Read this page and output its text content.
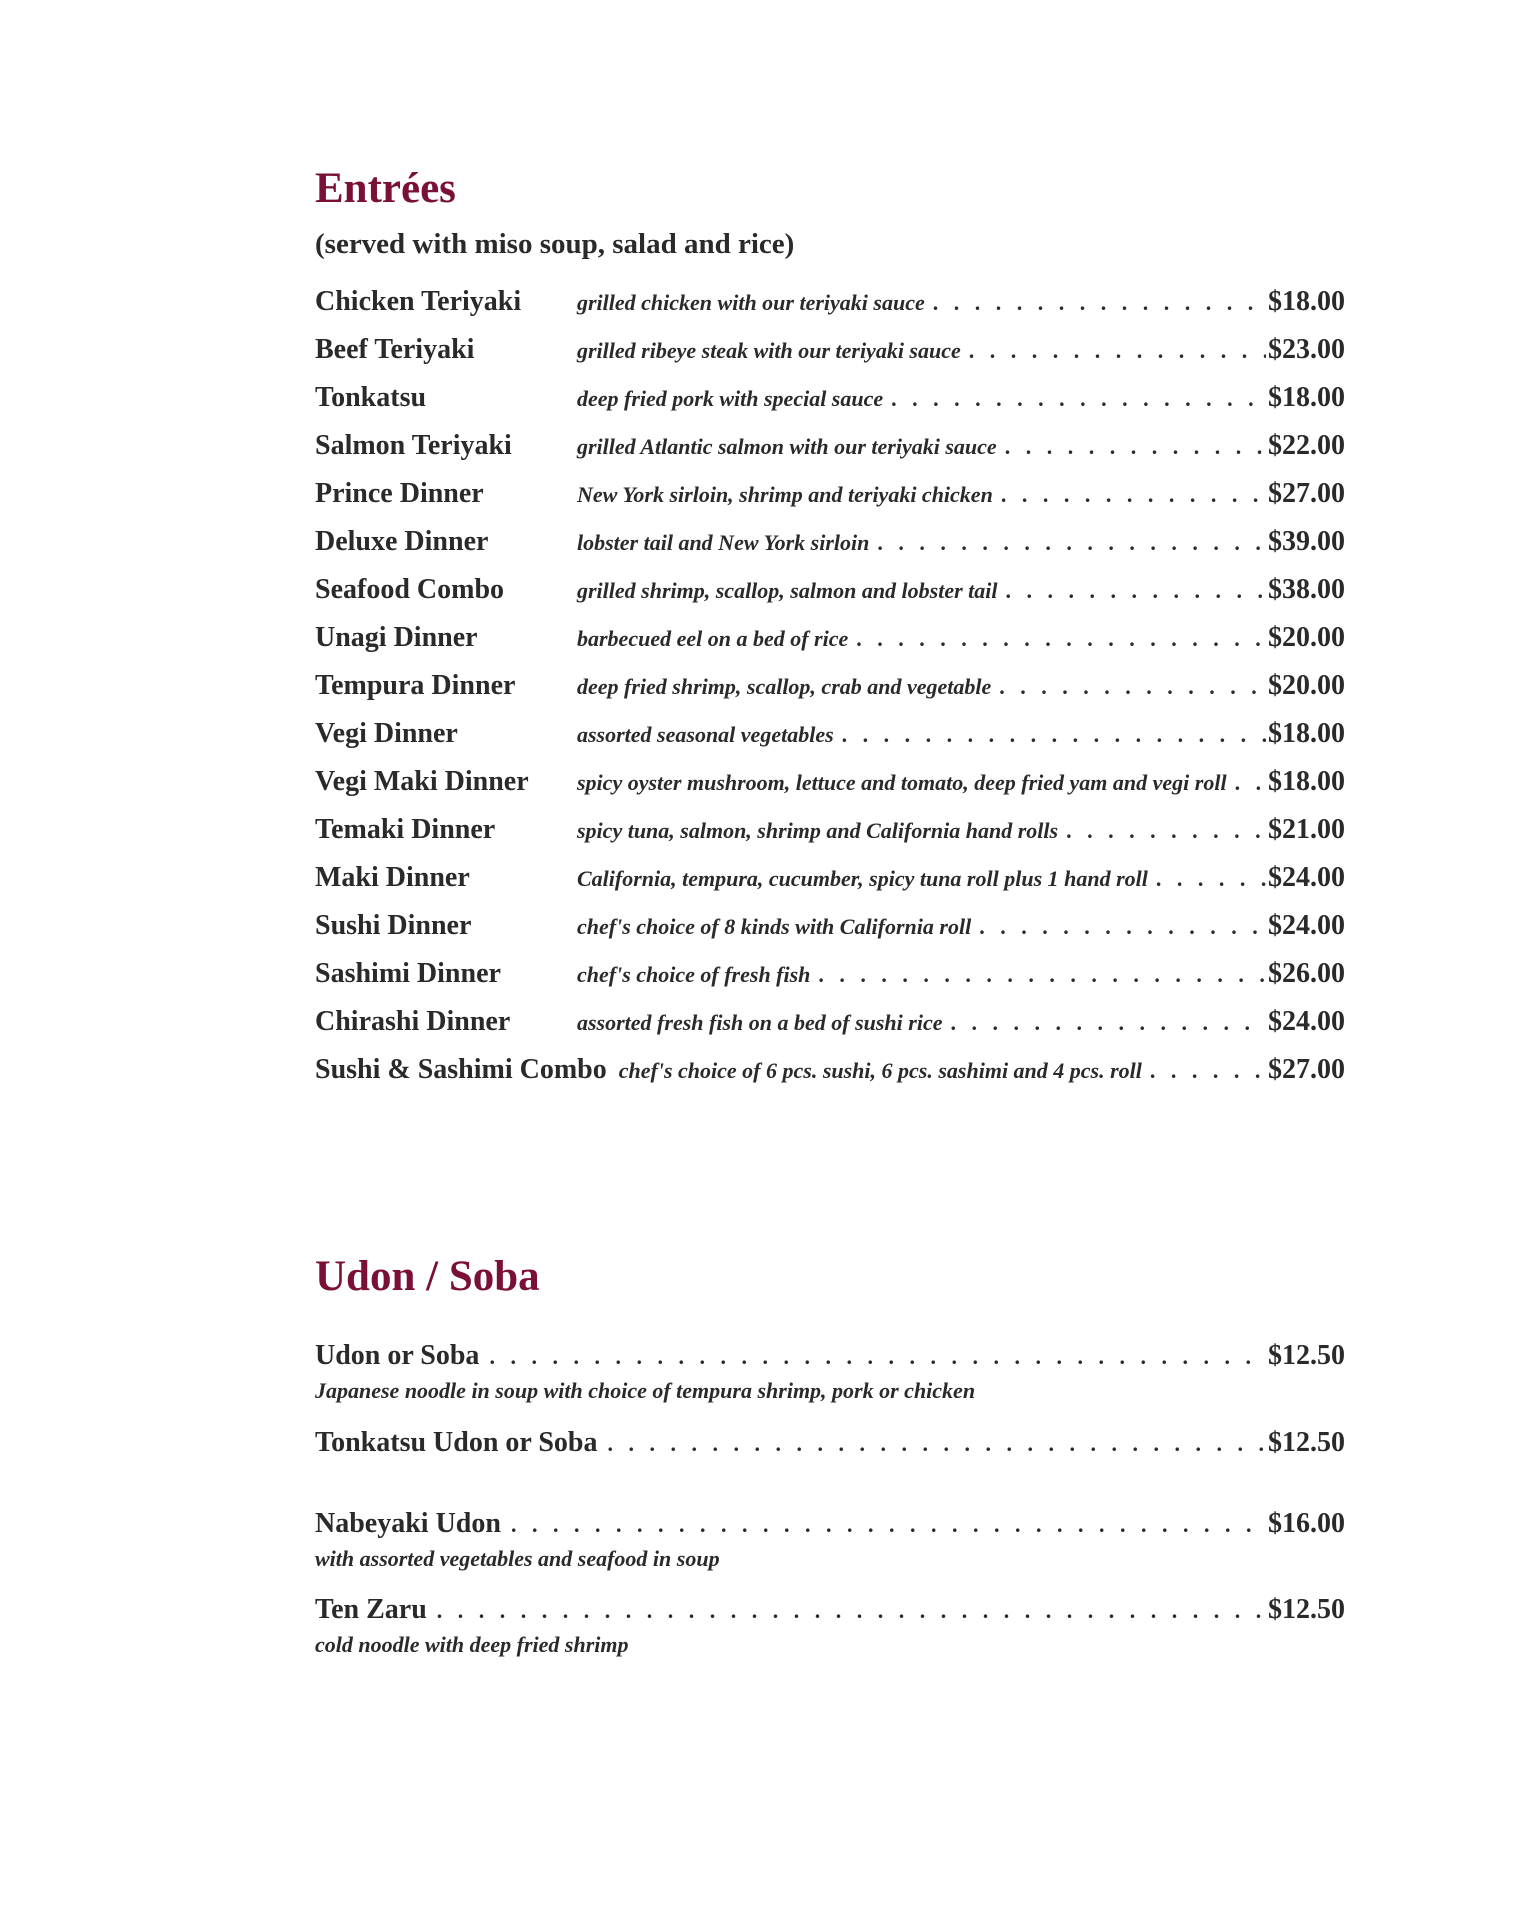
Entrées
(served with miso soup, salad and rice)
Chicken Teriyaki	grilled chicken with our teriyaki sauce . . .	$18.00
Beef Teriyaki	grilled ribeye steak with our teriyaki sauce . . .	$23.00
Tonkatsu	deep fried pork with special sauce . . .	$18.00
Salmon Teriyaki	grilled Atlantic salmon with our teriyaki sauce . . .	$22.00
Prince Dinner	New York sirloin, shrimp and teriyaki chicken . . .	$27.00
Deluxe Dinner	lobster tail and New York sirloin . . .	$39.00
Seafood Combo	grilled shrimp, scallop, salmon and lobster tail . . .	$38.00
Unagi Dinner	barbecued eel on a bed of rice . . .	$20.00
Tempura Dinner	deep fried shrimp, scallop, crab and vegetable . . .	$20.00
Vegi Dinner	assorted seasonal vegetables . . .	$18.00
Vegi Maki Dinner	spicy oyster mushroom, lettuce and tomato, deep fried yam and vegi roll . . . $18.00
Temaki Dinner	spicy tuna, salmon, shrimp and California hand rolls . . .	$21.00
Maki Dinner	California, tempura, cucumber, spicy tuna roll plus 1 hand roll . . .	$24.00
Sushi Dinner	chef's choice of 8 kinds with California roll . . .	$24.00
Sashimi Dinner	chef's choice of fresh fish . . .	$26.00
Chirashi Dinner	assorted fresh fish on a bed of sushi rice . . .	$24.00
Sushi & Sashimi Combo chef's choice of 6 pcs. sushi, 6 pcs. sashimi and 4 pcs. roll . . .	$27.00
Udon / Soba
Udon or Soba . . .	$12.50
Japanese noodle in soup with choice of tempura shrimp, pork or chicken
Tonkatsu Udon or Soba . . .	$12.50
Nabeyaki Udon . . .	$16.00
with assorted vegetables and seafood in soup
Ten Zaru . . .	$12.50
cold noodle with deep fried shrimp
